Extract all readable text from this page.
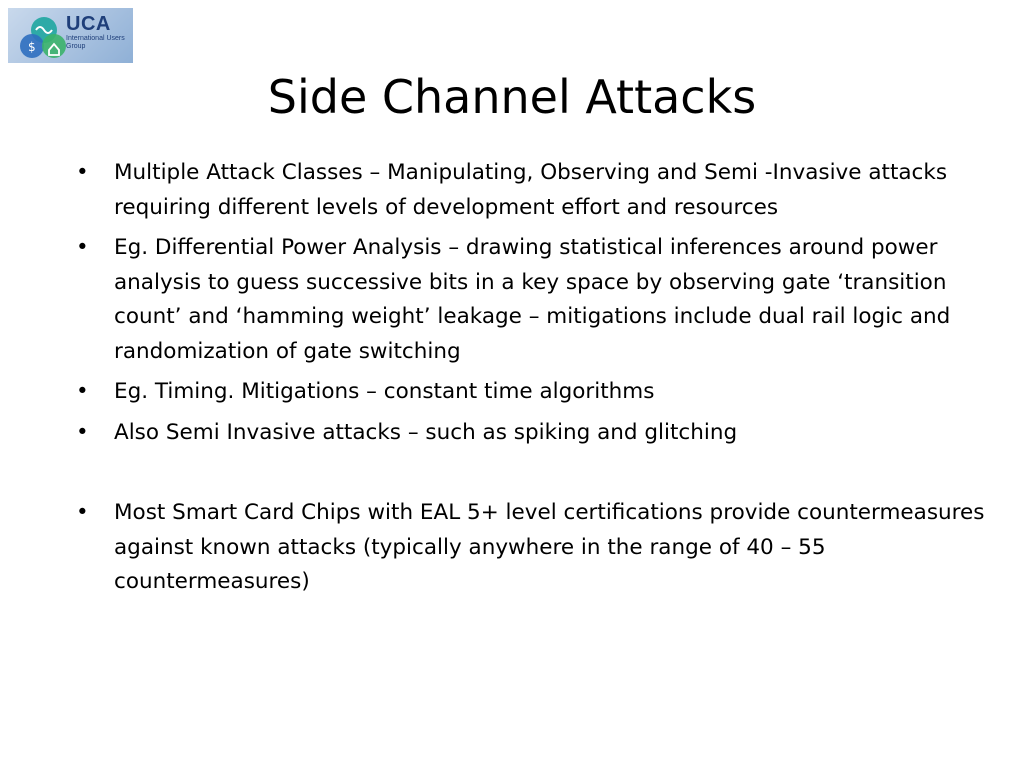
$
UCA
International Users Group
Side Channel Attacks
•	Multiple Attack Classes – Manipulating, Observing and Semi -Invasive attacks requiring different levels of development effort and resources
•	Eg. Differential Power Analysis – drawing statistical inferences around power analysis to guess successive bits in a key space by observing gate ‘transition count’ and ‘hamming weight’ leakage – mitigations include dual rail logic and randomization of gate switching
•	Eg. Timing. Mitigations – constant time algorithms
•	Also Semi Invasive attacks – such as spiking and glitching
•	Most Smart Card Chips with EAL 5+ level certifications provide countermeasures against known attacks (typically anywhere in the range of 40 – 55 countermeasures)
